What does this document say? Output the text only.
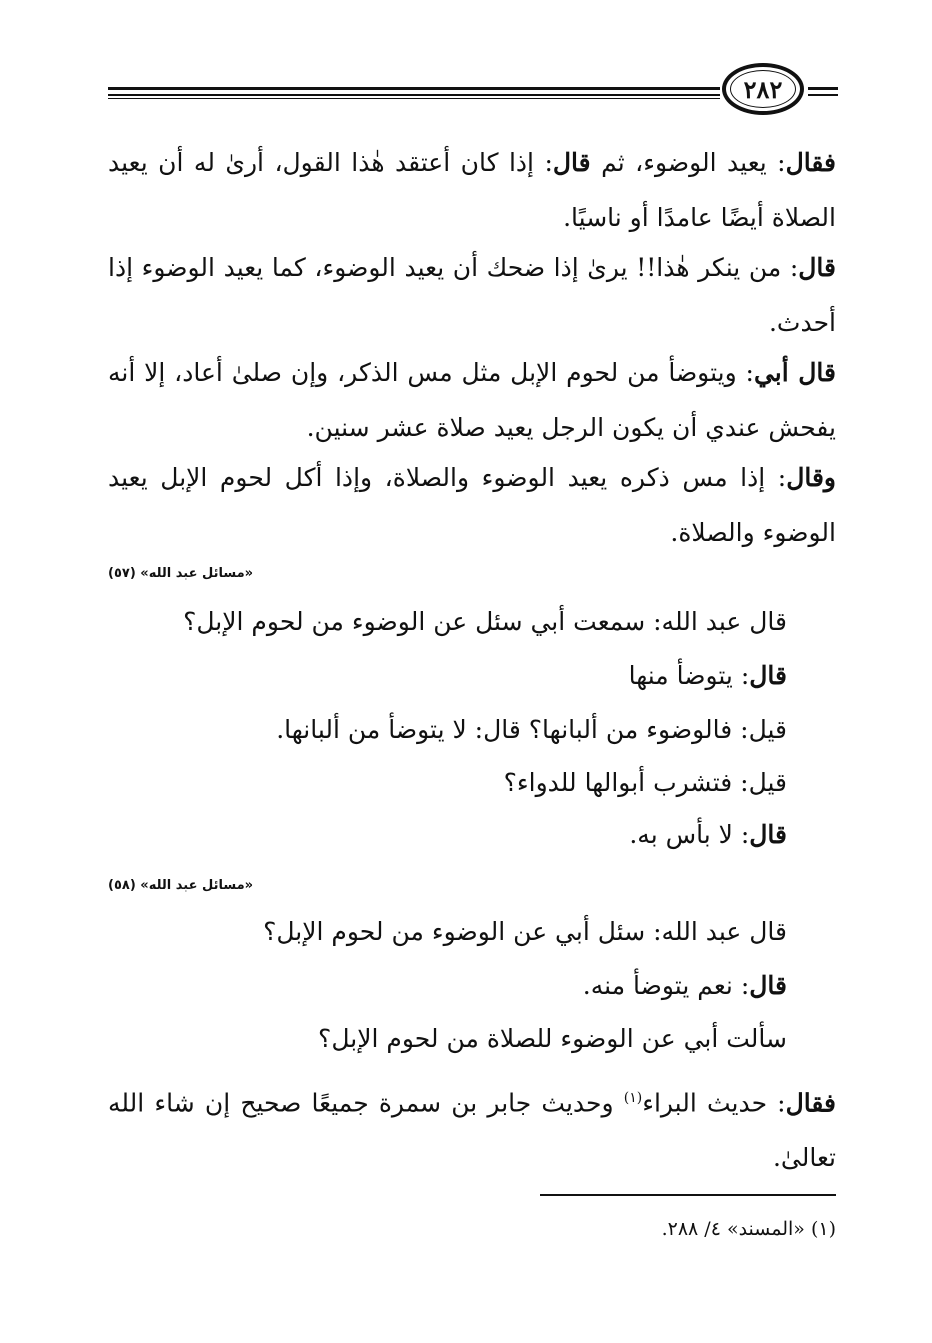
٢٨٢
فقال: يعيد الوضوء، ثم قال: إذا كان أعتقد هٰذا القول، أرىٰ له أن يعيد الصلاة أيضًا عامدًا أو ناسيًا.
قال: من ينكر هٰذا!! يرىٰ إذا ضحك أن يعيد الوضوء، كما يعيد الوضوء إذا أحدث.
قال أبي: ويتوضأ من لحوم الإبل مثل مس الذكر، وإن صلىٰ أعاد، إلا أنه يفحش عندي أن يكون الرجل يعيد صلاة عشر سنين.
وقال: إذا مس ذكره يعيد الوضوء والصلاة، وإذا أكل لحوم الإبل يعيد الوضوء والصلاة.
«مسائل عبد الله» (٥٧)
قال عبد الله: سمعت أبي سئل عن الوضوء من لحوم الإبل؟
قال: يتوضأ منها
قيل: فالوضوء من ألبانها؟ قال: لا يتوضأ من ألبانها.
قيل: فتشرب أبوالها للدواء؟
قال: لا بأس به.
«مسائل عبد الله» (٥٨)
قال عبد الله: سئل أبي عن الوضوء من لحوم الإبل؟
قال: نعم يتوضأ منه.
سألت أبي عن الوضوء للصلاة من لحوم الإبل؟
فقال: حديث البراء$^{(١)}$ وحديث جابر بن سمرة جميعًا صحيح إن شاء الله تعالىٰ.
(١) «المسند» ٤/ ٢٨٨.
